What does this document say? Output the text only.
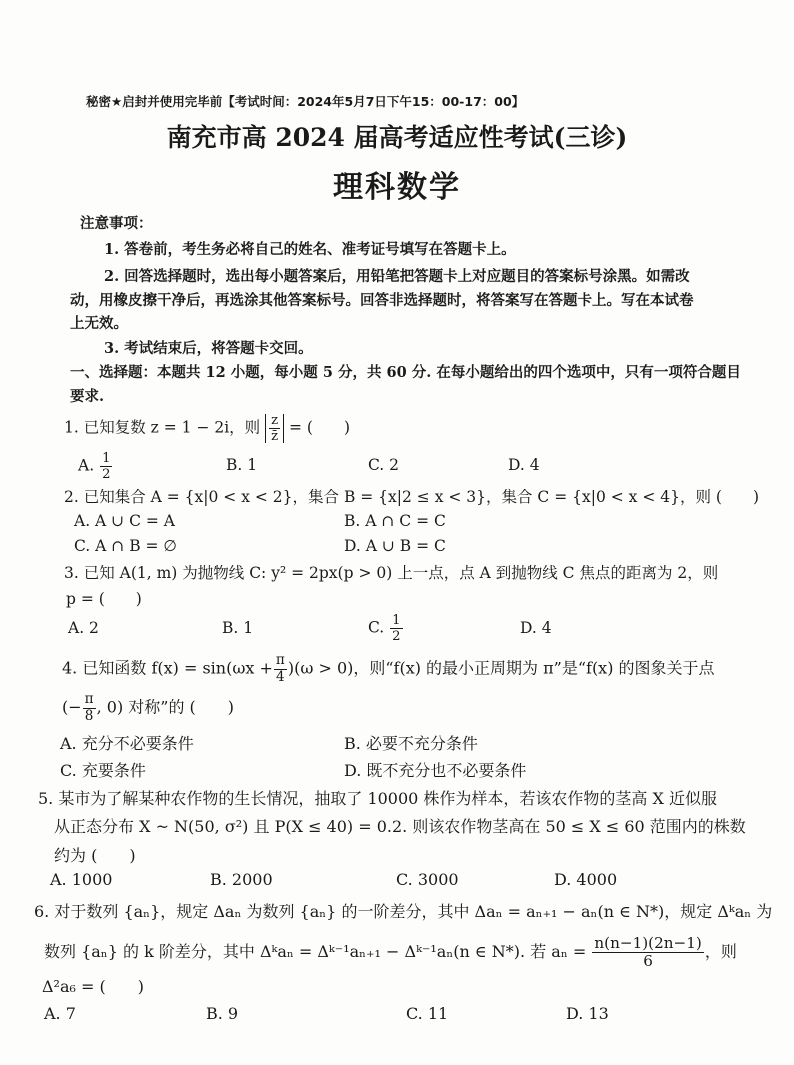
秘密★启封并使用完毕前【考试时间：2024年5月7日下午15：00-17：00】
南充市高 2024 届高考适应性考试(三诊)
理科数学
注意事项：
1. 答卷前，考生务必将自己的姓名、准考证号填写在答题卡上。
2. 回答选择题时，选出每小题答案后，用铅笔把答题卡上对应题目的答案标号涂黑。如需改
动，用橡皮擦干净后，再选涂其他答案标号。回答非选择题时，将答案写在答题卡上。写在本试卷
上无效。
3. 考试结束后，将答题卡交回。
一、选择题：本题共 12 小题，每小题 5 分，共 60 分. 在每小题给出的四个选项中，只有一项符合题目
要求.
1. 已知复数 z = 1 − 2i，则 $\frac{z}{z̄}$ = (　　)
A. $\frac{1}{2}$	B. 1	C. 2	D. 4
2. 已知集合 A = {x|0 < x < 2}，集合 B = {x|2 ≤ x < 3}，集合 C = {x|0 < x < 4}，则 (　　)
A. A ∪ C = A	B. A ∩ C = C
C. A ∩ B = ∅	D. A ∪ B = C
3. 已知 A(1, m) 为抛物线 C: y² = 2px(p > 0) 上一点，点 A 到抛物线 C 焦点的距离为 2，则
p = (　　)
A. 2	B. 1	C. $\frac{1}{2}$	D. 4
4. 已知函数 $f(x) = \sin(\omega x + \frac{\pi}{4} )(\omega > 0)$，则“f(x) 的最小正周期为 π”是“f(x) 的图象关于点
(− $\frac{\pi}{8}$ , 0) 对称”的 (　　)
A. 充分不必要条件	B. 必要不充分条件
C. 充要条件	D. 既不充分也不必要条件
5. 某市为了解某种农作物的生长情况，抽取了 10000 株作为样本，若该农作物的茎高 X 近似服
从正态分布 X ~ N(50, σ²) 且 P(X ≤ 40) = 0.2. 则该农作物茎高在 50 ≤ X ≤ 60 范围内的株数
约为 (　　)
A. 1000	B. 2000	C. 3000	D. 4000
6. 对于数列 {aₙ}，规定 Δaₙ 为数列 {aₙ} 的一阶差分，其中 Δaₙ = aₙ₊₁ − aₙ(n ∈ N*)，规定 Δᵏaₙ 为
数列 {aₙ} 的 k 阶差分，其中 Δᵏaₙ = Δᵏ⁻¹aₙ₊₁ − Δᵏ⁻¹aₙ(n ∈ N*). 若 $a_n = \frac{n(n-1)(2n-1)}{6}$ ，则
Δ²a₆ = (　　)
A. 7	B. 9	C. 11	D. 13
